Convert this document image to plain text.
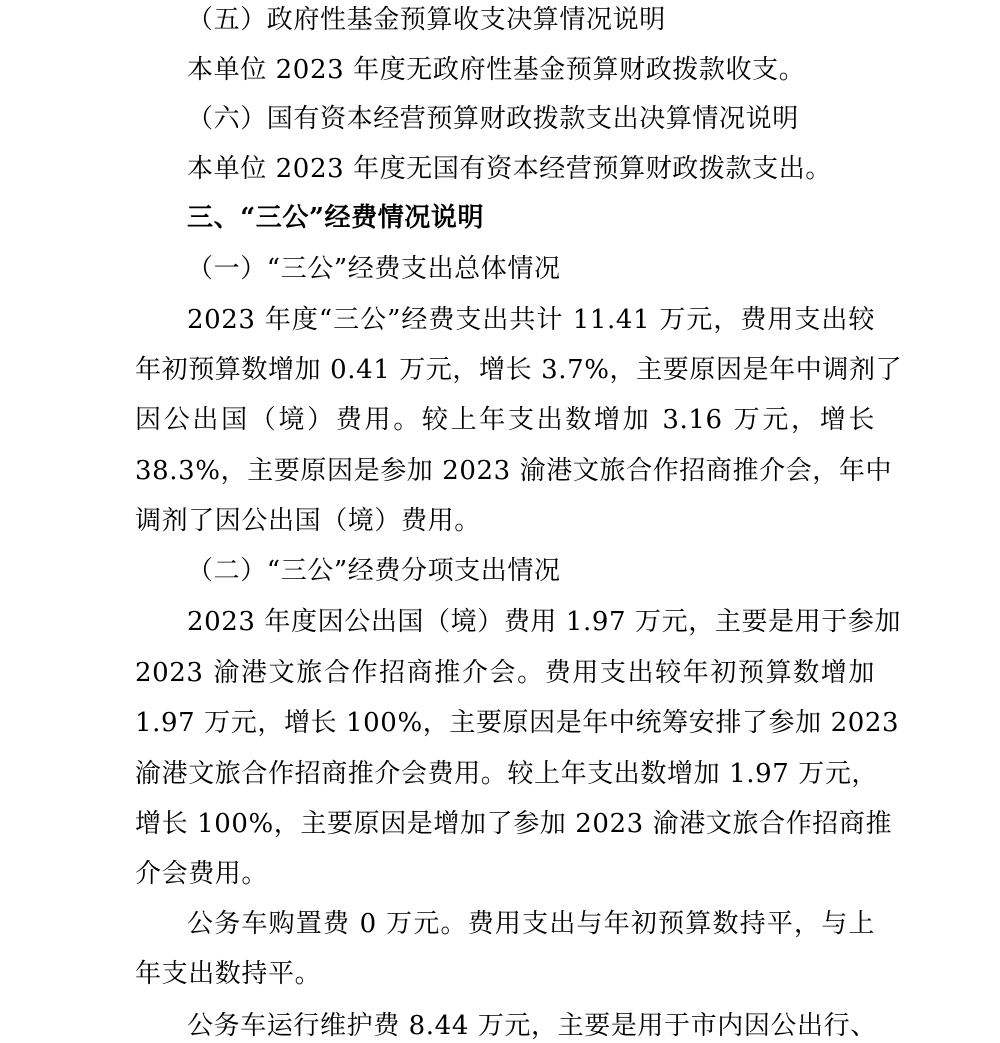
（五）政府性基金预算收支决算情况说明
本单位 2023 年度无政府性基金预算财政拨款收支。
（六）国有资本经营预算财政拨款支出决算情况说明
本单位 2023 年度无国有资本经营预算财政拨款支出。
三、“三公”经费情况说明
（一）“三公”经费支出总体情况
2023 年度“三公”经费支出共计 11.41 万元，费用支出较
年初预算数增加 0.41 万元，增长 3.7%，主要原因是年中调剂了
因公出国（境）费用。较上年支出数增加 3.16 万元，增长
38.3%，主要原因是参加 2023 渝港文旅合作招商推介会，年中
调剂了因公出国（境）费用。
（二）“三公”经费分项支出情况
2023 年度因公出国（境）费用 1.97 万元，主要是用于参加
2023 渝港文旅合作招商推介会。费用支出较年初预算数增加
1.97 万元，增长 100%，主要原因是年中统筹安排了参加 2023
渝港文旅合作招商推介会费用。较上年支出数增加 1.97 万元，
增长 100%，主要原因是增加了参加 2023 渝港文旅合作招商推
介会费用。
公务车购置费 0 万元。费用支出与年初预算数持平，与上
年支出数持平。
公务车运行维护费 8.44 万元，主要是用于市内因公出行、
